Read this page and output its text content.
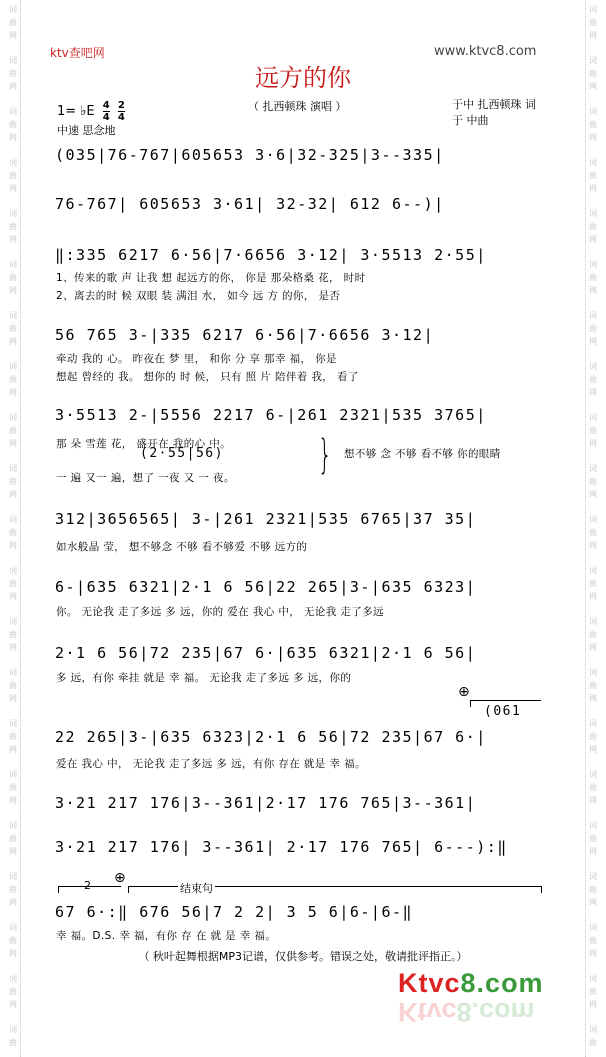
词
曲
网
词
曲
网
词
曲
网
词
曲
网
词
曲
网
词
曲
网
词
曲
网
词
曲
网
词
曲
网
词
曲
网
词
曲
网
词
曲
网
词
曲
网
词
曲
网
词
曲
网
词
曲
网
词
曲
网
词
曲
网
词
曲
网
词
曲
网
词
曲
词
曲
网
词
曲
网
词
曲
网
词
曲
网
词
曲
网
词
曲
网
词
曲
网
词
曲
网
词
曲
网
词
曲
网
词
曲
网
词
曲
网
词
曲
网
词
曲
网
词
曲
网
词
曲
网
词
曲
网
词
曲
网
词
曲
网
词
曲
网
词
曲
ktv查吧网	www.ktvc8.com
远方的你
1= ♭E $\frac{4}{4}$
$\frac{2}{4}$	（ 扎西顿珠 演唱 ）	于中 扎西顿珠 词
于 中曲
中速 思念地
(035|76-767|605653 3·6|32-325|3--335|
76-767| 605653 3·61| 32-32| 612 6--)|
‖:335 6217 6·56|7·6656 3·12| 3·5513 2·55|
1、传来的歌 声 让我 想 起远方的你， 你是 那朵格桑 花， 时时
2、离去的时 候 双眼 装 满泪 水， 如今 远 方 的你， 是否
56 765 3-|335 6217 6·56|7·6656 3·12|
牵动 我的 心。 昨夜在 梦 里， 和你 分 享 那幸 福， 你是
想起 曾经的 我。 想你的 时 候， 只有 照 片 陪伴着 我， 看了
3·5513 2-|5556 2217 6-|261 2321|535 3765|
那 朵 雪莲 花， 盛开在 我的心 中。
(2·55|56)
一 遍 又一 遍，想了 一夜 又 一 夜。 } 想不够 念 不够 看不够 你的眼睛
312|3656565| 3-|261 2321|535 6765|37 35|
如水般晶 莹， 想不够念 不够 看不够爱 不够 远方的
6-|635 6321|2·1 6 56|22 265|3-|635 6323|
你。 无论我 走了多远 多 远，你的 爱在 我心 中， 无论我 走了多远
2·1 6 56|72 235|67 6·|635 6321|2·1 6 56|
多 远，有你 牵挂 就是 幸 福。 无论我 走了多远 多 远，你的
⊕
(061
22 265|3-|635 6323|2·1 6 56|72 235|67 6·|
爱在 我心 中， 无论我 走了多远 多 远，有你 存在 就是 幸 福。
3·21 217 176|3--361|2·17 176 765|3--361|
3·21 217 176| 3--361| 2·17 176 765| 6---):‖
2 ⊕
结束句
67 6·:‖ 676 56|7 2 2| 3 5 6|6-|6-‖
幸 福。D.S. 幸 福，有你 存 在 就 是 幸 福。
（ 秋叶起舞根据MP3记谱，仅供参考。错误之处，敬请批评指正。）
Ktvc8.com
Ktvc8.com
